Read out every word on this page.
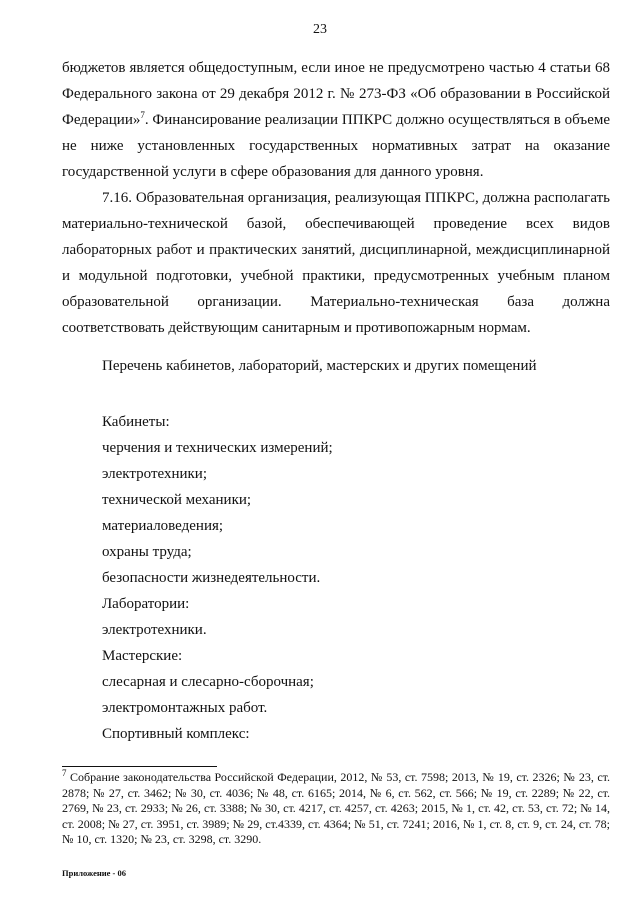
23

бюджетов является общедоступным, если иное не предусмотрено частью 4 статьи 68 Федерального закона от 29 декабря 2012 г. № 273-ФЗ «Об образовании в Российской Федерации»$^7$. Финансирование реализации ППКРС должно осуществляться в объеме не ниже установленных государственных нормативных затрат на оказание государственной услуги в сфере образования для данного уровня.

7.16. Образовательная организация, реализующая ППКРС, должна располагать материально-технической базой, обеспечивающей проведение всех видов лабораторных работ и практических занятий, дисциплинарной, междисциплинарной и модульной подготовки, учебной практики, предусмотренных учебным планом образовательной организации. Материально-техническая база должна соответствовать действующим санитарным и противопожарным нормам.

Перечень кабинетов, лабораторий, мастерских и других помещений
Кабинеты:
черчения и технических измерений;
электротехники;
технической механики;
материаловедения;
охраны труда;
безопасности жизнедеятельности.
Лаборатории:
электротехники.
Мастерские:
слесарная и слесарно-сборочная;
электромонтажных работ.
Спортивный комплекс:

$^7$ Собрание законодательства Российской Федерации, 2012, № 53, ст. 7598; 2013, № 19, ст. 2326; № 23, ст. 2878; № 27, ст. 3462; № 30, ст. 4036; № 48, ст. 6165; 2014, № 6, ст. 562, ст. 566; № 19, ст. 2289; № 22, ст. 2769, № 23, ст. 2933; № 26, ст. 3388; № 30, ст. 4217, ст. 4257, ст. 4263; 2015, № 1, ст. 42, ст. 53, ст. 72; № 14, ст. 2008; № 27, ст. 3951, ст. 3989; № 29, ст.4339, ст. 4364; № 51, ст. 7241; 2016, № 1, ст. 8, ст. 9, ст. 24, ст. 78; № 10, ст. 1320; № 23, ст. 3298, ст. 3290.

Приложение - 06
